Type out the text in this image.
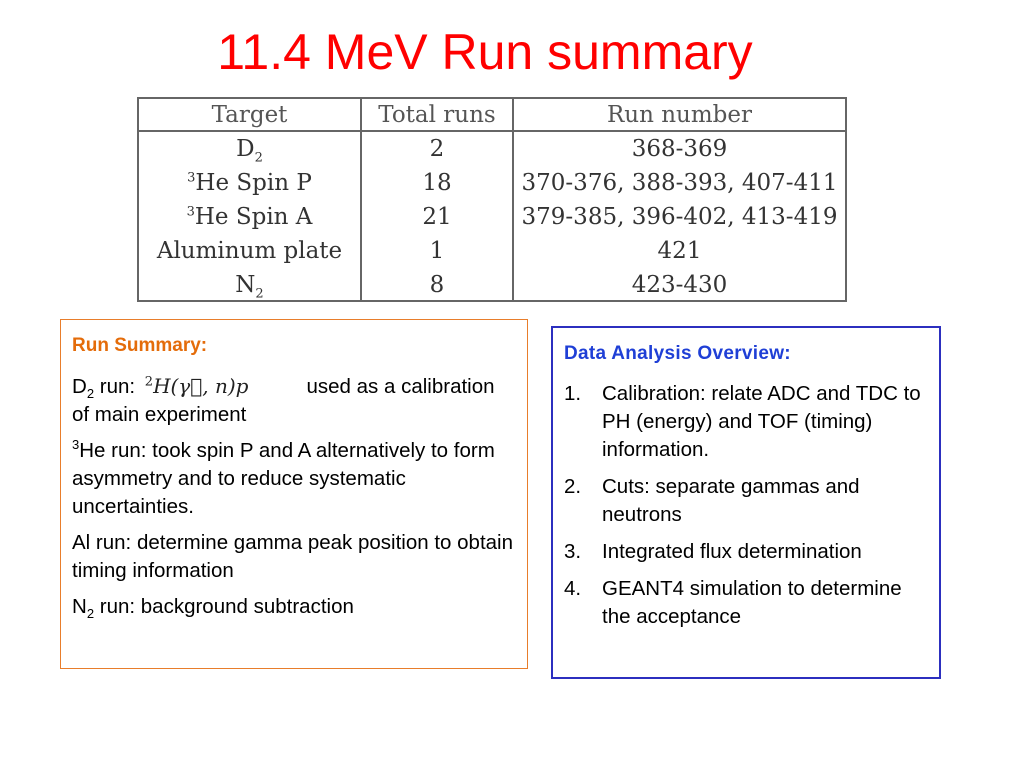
11.4 MeV Run summary
Target	Total runs	Run number
$D_2$	2	368-369
$^3$He Spin P	18	370-376, 388-393, 407-411
$^3$He Spin A	21	379-385, 396-402, 413-419
Aluminum plate	1	421
$N_2$	8	423-430
Run Summary:
$D_2$ run: $^2$H(γ⃗, n)p	used as a calibration of main experiment
$^3$He run: took spin P and A alternatively to form asymmetry and to reduce systematic uncertainties.
Al run: determine gamma peak position to obtain timing information
$N_2$ run: background subtraction
Data Analysis Overview:
1.	Calibration: relate ADC and TDC to PH (energy) and TOF (timing) information.
2.	Cuts: separate gammas and neutrons
3.	Integrated flux determination
4.	GEANT4 simulation to determine the acceptance
